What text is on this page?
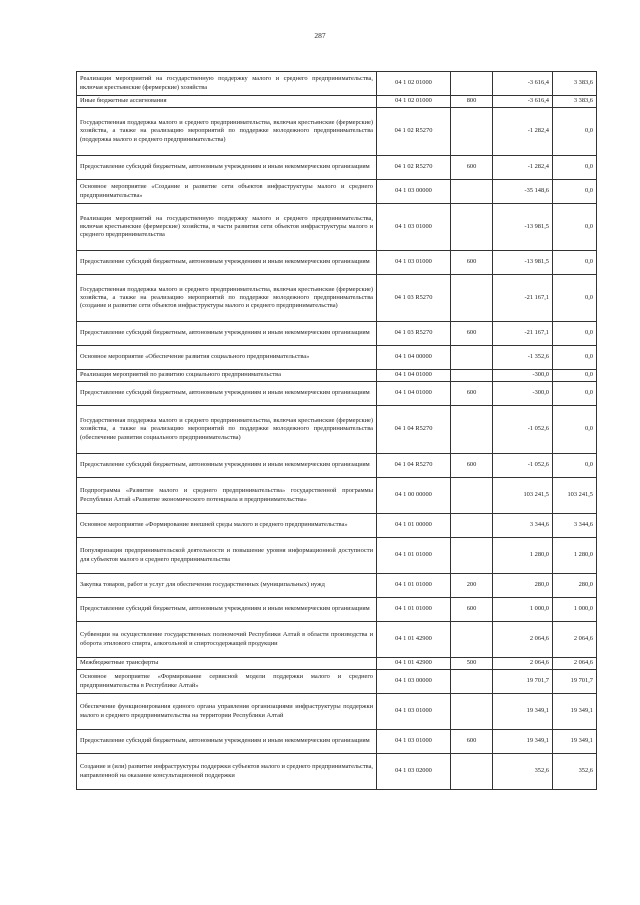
287
Реализация мероприятий на государственную поддержку малого и среднего предпринимательства, включая крестьянские (фермерские) хозяйства	04 1 02 01000		-3 616,4	3 383,6
Иные бюджетные ассигнования	04 1 02 01000	800	-3 616,4	3 383,6
Государственная поддержка малого и среднего предпринимательства, включая крестьянские (фермерские) хозяйства, а также на реализацию мероприятий по поддержке молодежного предпринимательства (поддержка малого и среднего предпринимательства)	04 1 02 R5270		-1 282,4	0,0
Предоставление субсидий бюджетным, автономным учреждениям и иным некоммерческим организациям	04 1 02 R5270	600	-1 282,4	0,0
Основное мероприятие «Создание и развитие сети объектов инфраструктуры малого и среднего предпринимательства»	04 1 03 00000		-35 148,6	0,0
Реализация мероприятий на государственную поддержку малого и среднего предпринимательства, включая крестьянские (фермерские) хозяйства, в части развития сети объектов инфраструктуры малого и среднего предпринимательства	04 1 03 01000		-13 981,5	0,0
Предоставление субсидий бюджетным, автономным учреждениям и иным некоммерческим организациям	04 1 03 01000	600	-13 981,5	0,0
Государственная поддержка малого и среднего предпринимательства, включая крестьянские (фермерские) хозяйства, а также на реализацию мероприятий по поддержке молодежного предпринимательства (создание и развитие сети объектов инфраструктуры малого и среднего предпринимательства)	04 1 03 R5270		-21 167,1	0,0
Предоставление субсидий бюджетным, автономным учреждениям и иным некоммерческим организациям	04 1 03 R5270	600	-21 167,1	0,0
Основное мероприятие «Обеспечение развития социального предпринимательства»	04 1 04 00000		-1 352,6	0,0
Реализация мероприятий по развитию социального предпринимательства	04 1 04 01000		-300,0	0,0
Предоставление субсидий бюджетным, автономным учреждениям и иным некоммерческим организациям	04 1 04 01000	600	-300,0	0,0
Государственная поддержка малого и среднего предпринимательства, включая крестьянские (фермерские) хозяйства, а также на реализацию мероприятий по поддержке молодежного предпринимательства (обеспечение развития социального предпринимательства)	04 1 04 R5270		-1 052,6	0,0
Предоставление субсидий бюджетным, автономным учреждениям и иным некоммерческим организациям	04 1 04 R5270	600	-1 052,6	0,0
Подпрограмма «Развитие малого и среднего предпринимательства» государственной программы Республики Алтай «Развитие экономического потенциала и предпринимательства»	04 1 00 00000		103 241,5	103 241,5
Основное мероприятие «Формирование внешней среды малого и среднего предпринимательства»	04 1 01 00000		3 344,6	3 344,6
Популяризация предпринимательской деятельности и повышение уровня информационной доступности для субъектов малого и среднего предпринимательства	04 1 01 01000		1 280,0	1 280,0
Закупка товаров, работ и услуг для обеспечения государственных (муниципальных) нужд	04 1 01 01000	200	280,0	280,0
Предоставление субсидий бюджетным, автономным учреждениям и иным некоммерческим организациям	04 1 01 01000	600	1 000,0	1 000,0
Субвенции на осуществление государственных полномочий Республики Алтай в области производства и оборота этилового спирта, алкогольной и спиртосодержащей продукции	04 1 01 42900		2 064,6	2 064,6
Межбюджетные трансферты	04 1 01 42900	500	2 064,6	2 064,6
Основное мероприятие «Формирование сервисной модели поддержки малого и среднего предпринимательства в Республике Алтай»	04 1 03 00000		19 701,7	19 701,7
Обеспечение функционирования единого органа управления организациями инфраструктуры поддержки малого и среднего предпринимательства на территории Республики Алтай	04 1 03 01000		19 349,1	19 349,1
Предоставление субсидий бюджетным, автономным учреждениям и иным некоммерческим организациям	04 1 03 01000	600	19 349,1	19 349,1
Создание и (или) развитие инфраструктуры поддержки субъектов малого и среднего предпринимательства, направленной на оказание консультационной поддержки	04 1 03 02000		352,6	352,6
